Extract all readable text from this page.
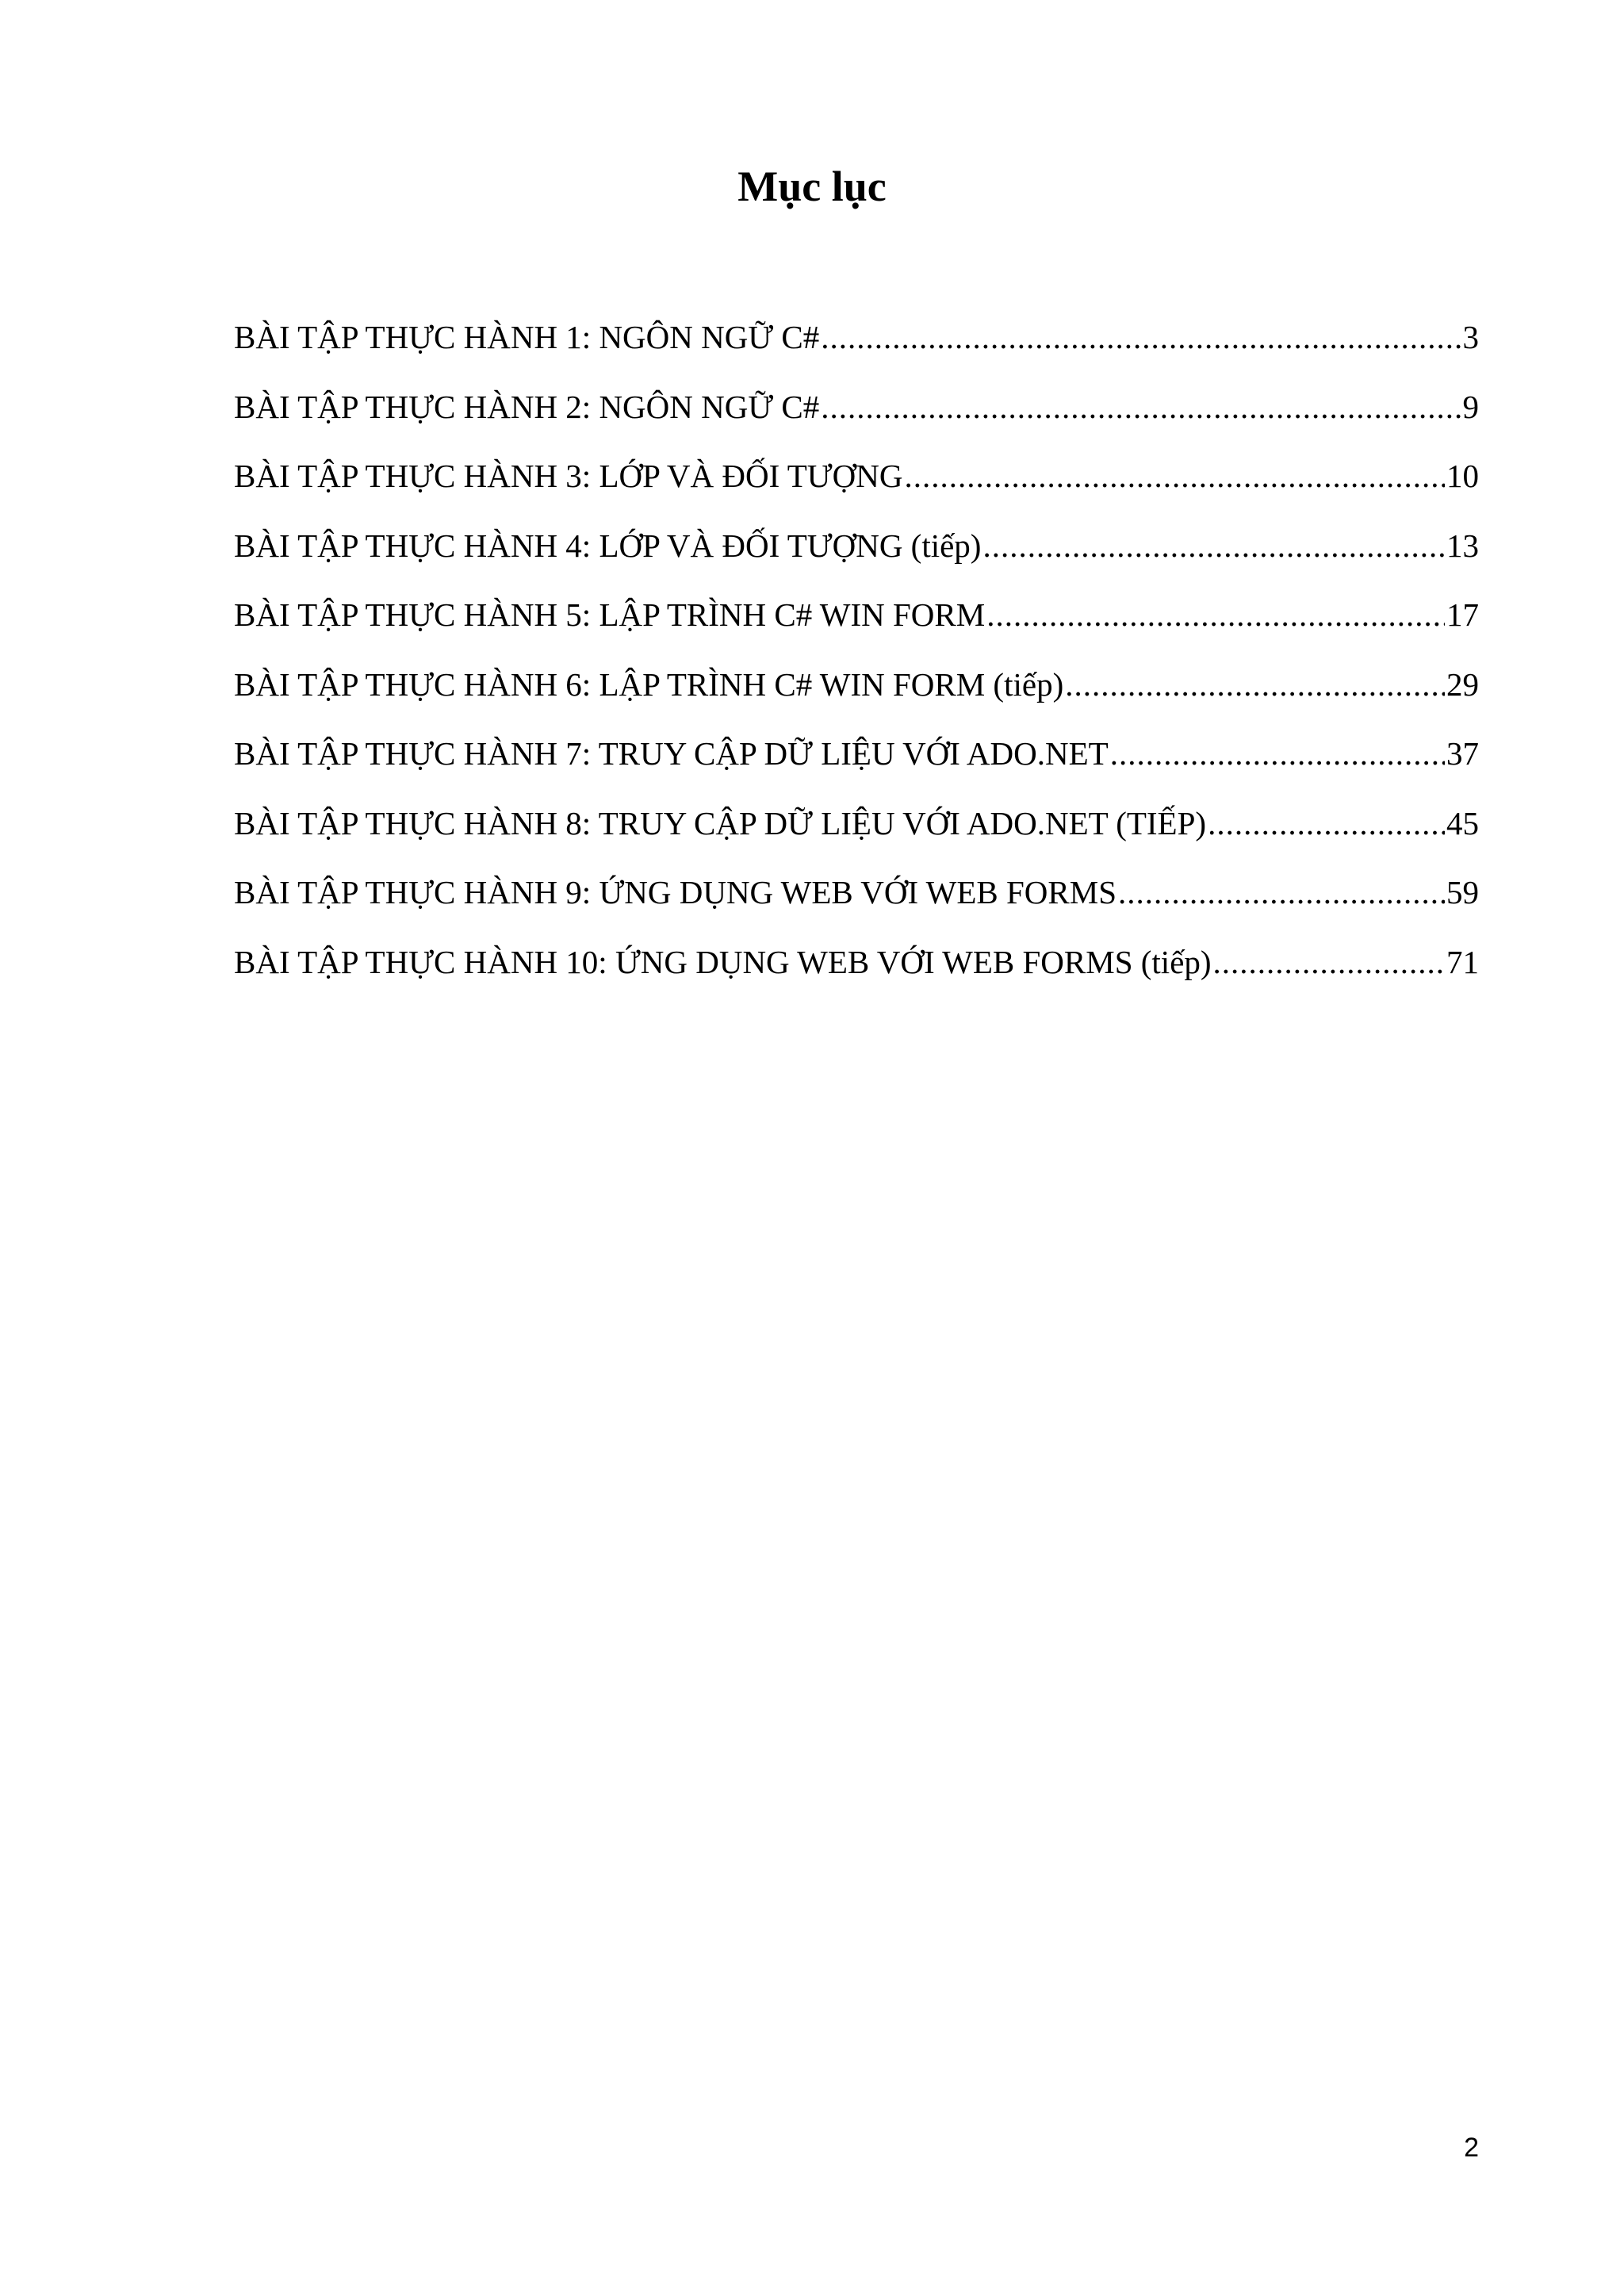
Mục lục
BÀI TẬP THỰC HÀNH 1: NGÔN NGỮ C# .....	3
BÀI TẬP THỰC HÀNH 2: NGÔN NGỮ C# .....	9
BÀI TẬP THỰC HÀNH 3: LỚP VÀ ĐỐI TƯỢNG .....	10
BÀI TẬP THỰC HÀNH 4: LỚP VÀ ĐỐI TƯỢNG (tiếp) .....	13
BÀI TẬP THỰC HÀNH 5: LẬP TRÌNH C# WIN FORM .....	17
BÀI TẬP THỰC HÀNH 6: LẬP TRÌNH C# WIN FORM (tiếp) .....	29
BÀI TẬP THỰC HÀNH 7: TRUY CẬP DỮ LIỆU VỚI ADO.NET .....	37
BÀI TẬP THỰC HÀNH 8: TRUY CẬP DỮ LIỆU VỚI ADO.NET (TIẾP) .....	45
BÀI TẬP THỰC HÀNH 9: ỨNG DỤNG WEB VỚI WEB FORMS .....	59
BÀI TẬP THỰC HÀNH 10: ỨNG DỤNG WEB VỚI WEB FORMS (tiếp) .....	71
2
